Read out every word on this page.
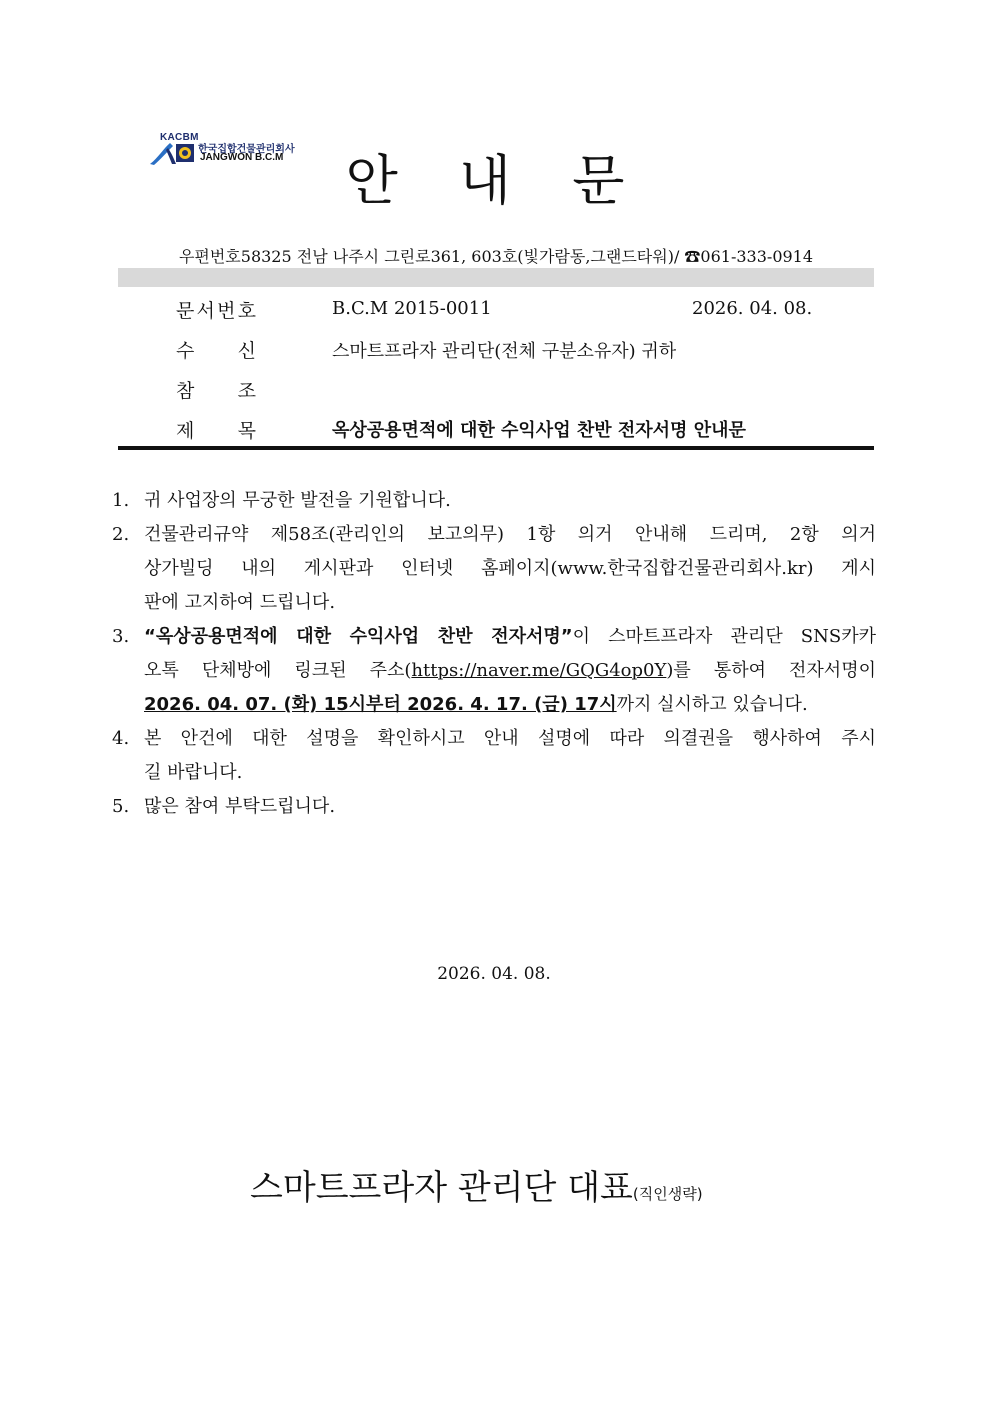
KACBM
한국집합건물관리회사
JANGWON B.C.M	안 내 문
우편번호58325 전남 나주시 그린로361, 603호(빛가람동,그랜드타워)/ ☎061-333-0914
문 서 번 호	B.C.M 2015-0011	2026. 04. 08.
수 신	스마트프라자 관리단(전체 구분소유자) 귀하
참 조
제 목	옥상공용면적에 대한 수익사업 찬반 전자서명 안내문
1. 귀 사업장의 무궁한 발전을 기원합니다.
2. 건물관리규약 제58조(관리인의 보고의무) 1항 의거 안내해 드리며, 2항 의거
상가빌딩 내의 게시판과 인터넷 홈페이지(www.한국집합건물관리회사.kr) 게시
판에 고지하여 드립니다.
3. “옥상공용면적에 대한 수익사업 찬반 전자서명”이 스마트프라자 관리단 SNS카카
오톡 단체방에 링크된 주소(https://naver.me/GQG4op0Y)를 통하여 전자서명이
2026. 04. 07. (화) 15시부터 2026. 4. 17. (금) 17시까지 실시하고 있습니다.
4. 본 안건에 대한 설명을 확인하시고 안내 설명에 따라 의결권을 행사하여 주시
길 바랍니다.
5. 많은 참여 부탁드립니다.
2026. 04. 08.
스마트프라자 관리단 대표(직인생략)
